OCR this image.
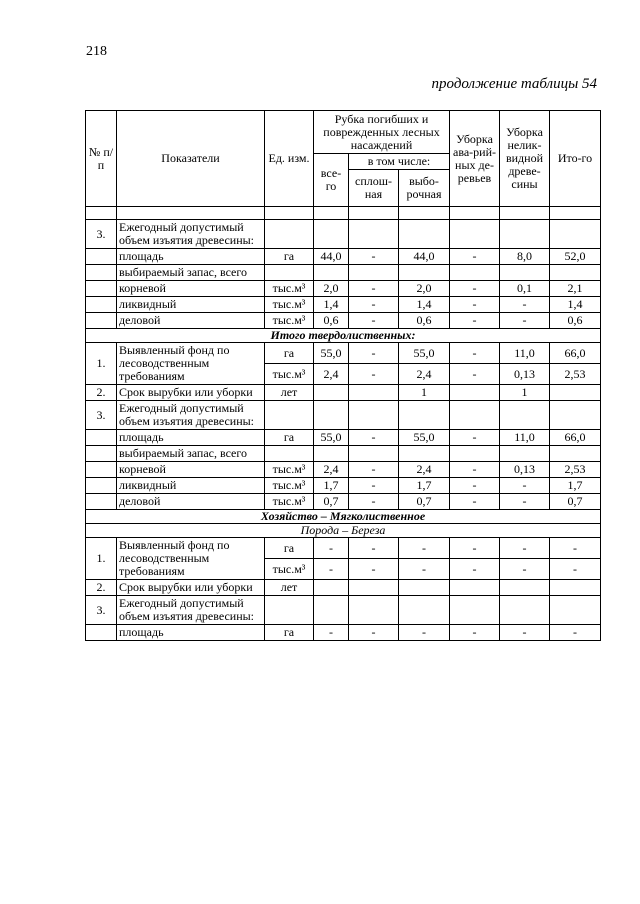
218
продолжение таблицы 54
№ п/п	Показатели	Ед. изм.	Рубка погибших и поврежденных лесных насаждений			Уборка ава-рий-ных де-ревьев	Уборка нелик-видной древе-сины	Ито-го
			все-го	в том числе:				
				сплош-ная	выбо-рочная			

3.	Ежегодный допустимый объем изъятия древесины:							
	площадь	га	44,0	-	44,0	-	8,0	52,0
	выбираемый запас, всего							
	корневой	тыс.м³	2,0	-	2,0	-	0,1	2,1
	ликвидный	тыс.м³	1,4	-	1,4	-	-	1,4
	деловой	тыс.м³	0,6	-	0,6	-	-	0,6
Итого твердолиственных:								
1.	Выявленный фонд по лесоводственным требованиям	га	55,0	-	55,0	-	11,0	66,0
		тыс.м³	2,4	-	2,4	-	0,13	2,53
2.	Срок вырубки или уборки	лет			1		1	
3.	Ежегодный допустимый объем изъятия древесины:							
	площадь	га	55,0	-	55,0	-	11,0	66,0
	выбираемый запас, всего							
	корневой	тыс.м³	2,4	-	2,4	-	0,13	2,53
	ликвидный	тыс.м³	1,7	-	1,7	-	-	1,7
	деловой	тыс.м³	0,7	-	0,7	-	-	0,7
Хозяйство – Мягколиственное								
Порода – Береза								
1.	Выявленный фонд по лесоводственным требованиям	га	-	-	-	-	-	-
		тыс.м³	-	-	-	-	-	-
2.	Срок вырубки или уборки	лет						
3.	Ежегодный допустимый объем изъятия древесины:							
	площадь	га	-	-	-	-	-	-
